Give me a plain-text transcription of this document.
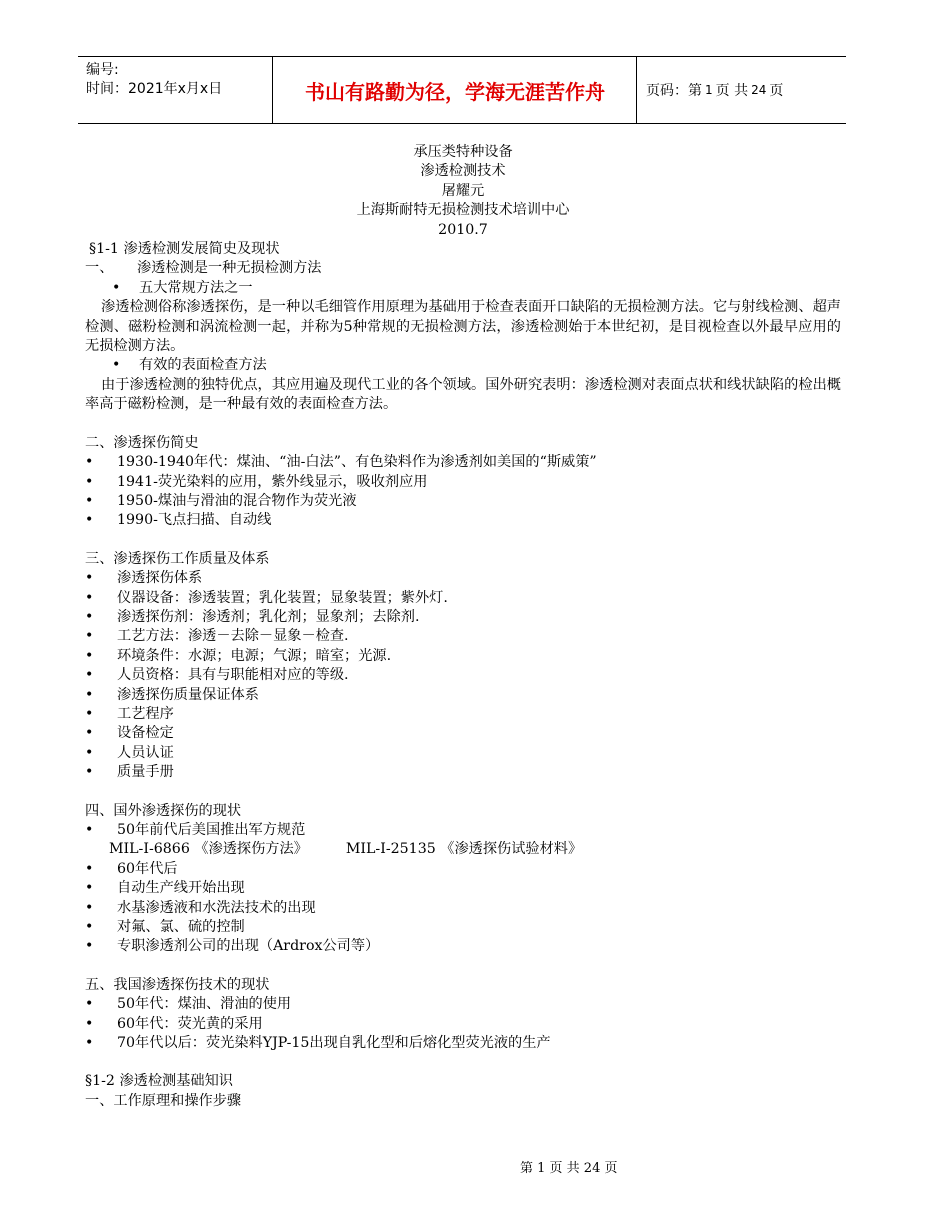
编号:
时间：2021年x月x日	书山有路勤为径，学海无涯苦作舟	页码：第 1 页 共 24 页
承压类特种设备
渗透检测技术
屠耀元
上海斯耐特无损检测技术培训中心
2010.7
§1-1 渗透检测发展简史及现状
一、 渗透检测是一种无损检测方法
• 五大常规方法之一
渗透检测俗称渗透探伤，是一种以毛细管作用原理为基础用于检查表面开口缺陷的无损检测方法。它与射线检测、超声检测、磁粉检测和涡流检测一起，并称为5种常规的无损检测方法，渗透检测始于本世纪初，是目视检查以外最早应用的无损检测方法。
• 有效的表面检查方法
由于渗透检测的独特优点，其应用遍及现代工业的各个领域。国外研究表明：渗透检测对表面点状和线状缺陷的检出概率高于磁粉检测，是一种最有效的表面检查方法。
二、渗透探伤简史
• 1930-1940年代：煤油、“油-白法”、有色染料作为渗透剂如美国的“斯威策”
• 1941-荧光染料的应用，紫外线显示，吸收剂应用
• 1950-煤油与滑油的混合物作为荧光液
• 1990-飞点扫描、自动线
三、渗透探伤工作质量及体系
• 渗透探伤体系
• 仪器设备：渗透装置；乳化装置；显象装置；紫外灯.
• 渗透探伤剂：渗透剂；乳化剂；显象剂；去除剂.
• 工艺方法：渗透－去除－显象－检查.
• 环境条件：水源；电源；气源；暗室；光源.
• 人员资格：具有与职能相对应的等级.
• 渗透探伤质量保证体系
• 工艺程序
• 设备检定
• 人员认证
• 质量手册
四、国外渗透探伤的现状
• 50年前代后美国推出军方规范
MIL-I-6866 《渗透探伤方法》	MIL-I-25135 《渗透探伤试验材料》
• 60年代后
• 自动生产线开始出现
• 水基渗透液和水洗法技术的出现
• 对氟、氯、硫的控制
• 专职渗透剂公司的出现（Ardrox公司等）
五、我国渗透探伤技术的现状
• 50年代：煤油、滑油的使用
• 60年代：荧光黄的采用
• 70年代以后：荧光染料YJP-15出现自乳化型和后熔化型荧光液的生产
§1-2 渗透检测基础知识
一、工作原理和操作步骤
第 1 页 共 24 页
